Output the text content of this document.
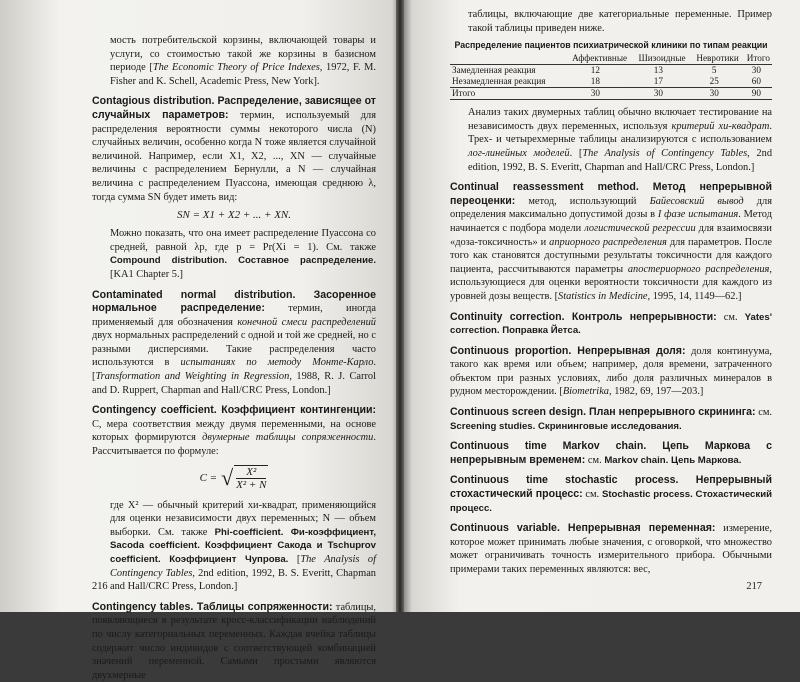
мость потребительской корзины, включающей товары и услуги, со стоимостью такой же корзины в базисном периоде [The Economic Theory of Price Indexes, 1972, F. M. Fisher and K. Schell, Academic Press, New York].

Contagious distribution. Распределение, зависящее от случайных параметров: термин, используемый для распределения вероятности суммы некоторого числа (N) случайных величин, особенно когда N тоже является случайной величиной. Например, если X1, X2, ..., XN — случайные величины с распределением Бернулли, а N — случайная величина с распределением Пуассона, имеющая среднюю λ, тогда сумма SN будет иметь вид:

SN = X1 + X2 + ... + XN.

Можно показать, что она имеет распределение Пуассона со средней, равной λp, где p = Pr(Xi = 1). См. также Compound distribution. Составное распределение. [KA1 Chapter 5.]

Contaminated normal distribution. Засоренное нормальное распределение: термин, иногда применяемый для обозначения конечной смеси распределений двух нормальных распределений с одной и той же средней, но с разными дисперсиями. Такие распределения часто используются в испытаниях по методу Монте-Карло. [Transformation and Weighting in Regression, 1988, R. J. Carrol and D. Ruppert, Chapman and Hall/CRC Press, London.]

Contingency coefficient. Коэффициент контингенции: C, мера соответствия между двумя переменными, на основе которых формируются двумерные таблицы сопряженности. Рассчитывается по формуле:

C = √ $\frac{\text{X²}}{\text{X² + N}}$

где X² — обычный критерий хи-квадрат, применяющийся для оценки независимости двух переменных; N — объем выборки. См. также Phi-coefficient. Фи-коэффициент, Sacoda coefficient. Коэффициент Сакода и Tschuprov coefficient. Коэффициент Чупрова. [The Analysis of Contingency Tables, 2nd edition, 1992, B. S. Everitt, Chapman and Hall/CRC Press, London.]

Contingency tables. Таблицы сопряженности: таблицы, появляющиеся в результате кросс-классификации наблюдений по числу категориальных переменных. Каждая ячейка таблицы содержит число индивидов с соответствующей комбинацией значений переменной. Самыми простыми являются двухмерные

216

таблицы, включающие две категориальные переменные. Пример такой таблицы приведен ниже.

Распределение пациентов психиатрической клиники по типам реакции
	Аффективные	Шизоидные	Невротики	Итого
Замедленная реакция	12	13	5	30
Незамедленная реакция	18	17	25	60
Итого	30	30	30	90

Анализ таких двумерных таблиц обычно включает тестирование на независимость двух переменных, используя критерий хи-квадрат. Трех- и четырехмерные таблицы анализируются с использованием лог-линейных моделей. [The Analysis of Contingency Tables, 2nd edition, 1992, B. S. Everitt, Chapman and Hall/CRC Press, London.]

Continual reassessment method. Метод непрерывной переоценки: метод, использующий Байесовский вывод для определения максимально допустимой дозы в I фазе испытания. Метод начинается с подбора модели логистической регрессии для взаимосвязи «доза-токсичность» и априорного распределения для параметров. После того как становятся доступными результаты токсичности для каждого пациента, рассчитываются параметры апостериорного распределения, использующиеся для оценки вероятности токсичности для каждого из уровней дозы веществ. [Statistics in Medicine, 1995, 14, 1149—62.]

Continuity correction. Контроль непрерывности: см. Yates' correction. Поправка Йетса.

Continuous proportion. Непрерывная доля: доля континуума, такого как время или объем; например, доля времени, затраченного объектом при разных условиях, либо доля различных минералов в рудном месторождении. [Biometrika, 1982, 69, 197—203.]

Continuous screen design. План непрерывного скрининга: см. Screening studies. Скрининговые исследования.

Continuous time Markov chain. Цепь Маркова с непрерывным временем: см. Markov chain. Цепь Маркова.

Continuous time stochastic process. Непрерывный стохастический процесс: см. Stochastic process. Стохастический процесс.

Continuous variable. Непрерывная переменная: измерение, которое может принимать любые значения, с оговоркой, что множество может ограничивать точность измерительного прибора. Обычными примерами таких переменных являются: вес,

217
